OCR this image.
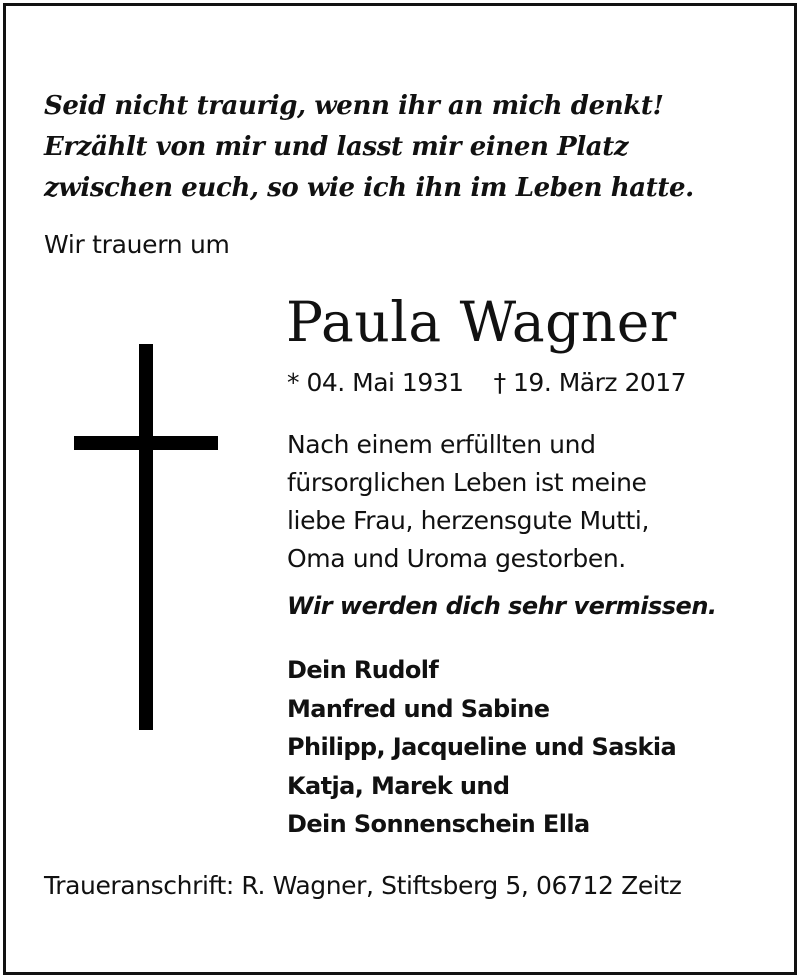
Seid nicht traurig, wenn ihr an mich denkt!
Erzählt von mir und lasst mir einen Platz
zwischen euch, so wie ich ihn im Leben hatte.
Wir trauern um
Paula Wagner
* 04. Mai 1931 † 19. März 2017
Nach einem erfüllten und
fürsorglichen Leben ist meine
liebe Frau, herzensgute Mutti,
Oma und Uroma gestorben.
Wir werden dich sehr vermissen.
Dein Rudolf
Manfred und Sabine
Philipp, Jacqueline und Saskia
Katja, Marek und
Dein Sonnenschein Ella
Traueranschrift: R. Wagner, Stiftsberg 5, 06712 Zeitz
